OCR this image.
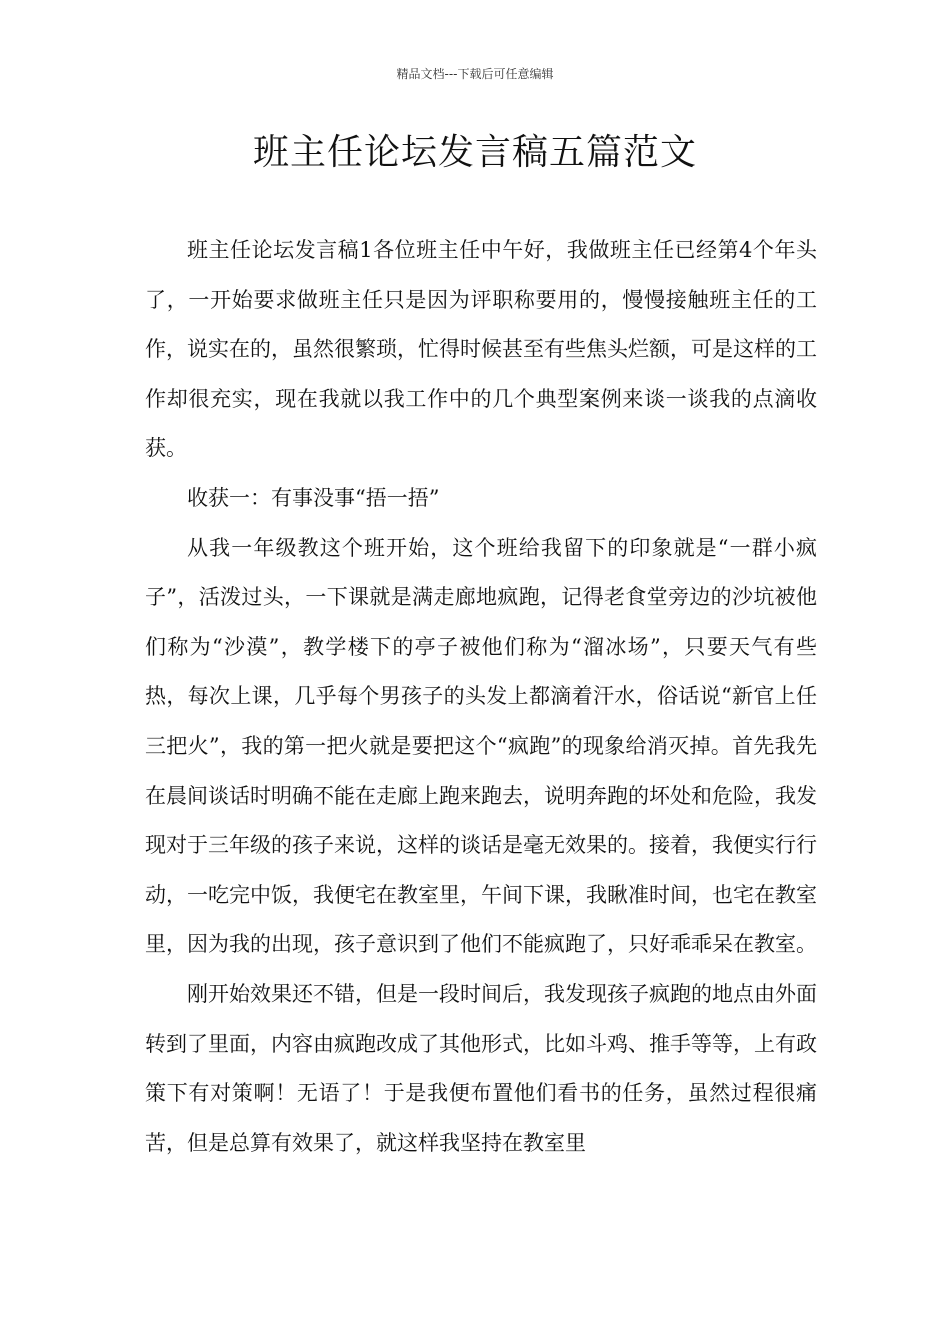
精品文档---下载后可任意编辑
班主任论坛发言稿五篇范文

班主任论坛发言稿1各位班主任中午好，我做班主任已经第4个年头了，一开始要求做班主任只是因为评职称要用的，慢慢接触班主任的工作，说实在的，虽然很繁琐，忙得时候甚至有些焦头烂额，可是这样的工作却很充实，现在我就以我工作中的几个典型案例来谈一谈我的点滴收获。

收获一：有事没事“捂一捂”

从我一年级教这个班开始，这个班给我留下的印象就是“一群小疯子”，活泼过头，一下课就是满走廊地疯跑，记得老食堂旁边的沙坑被他们称为“沙漠”，教学楼下的亭子被他们称为“溜冰场”，只要天气有些热，每次上课，几乎每个男孩子的头发上都滴着汗水，俗话说“新官上任三把火”，我的第一把火就是要把这个“疯跑”的现象给消灭掉。首先我先在晨间谈话时明确不能在走廊上跑来跑去，说明奔跑的坏处和危险，我发现对于三年级的孩子来说，这样的谈话是毫无效果的。接着，我便实行行动，一吃完中饭，我便宅在教室里，午间下课，我瞅准时间，也宅在教室里，因为我的出现，孩子意识到了他们不能疯跑了，只好乖乖呆在教室。

刚开始效果还不错，但是一段时间后，我发现孩子疯跑的地点由外面转到了里面，内容由疯跑改成了其他形式，比如斗鸡、推手等等，上有政策下有对策啊！无语了！于是我便布置他们看书的任务，虽然过程很痛苦，但是总算有效果了，就这样我坚持在教室里
